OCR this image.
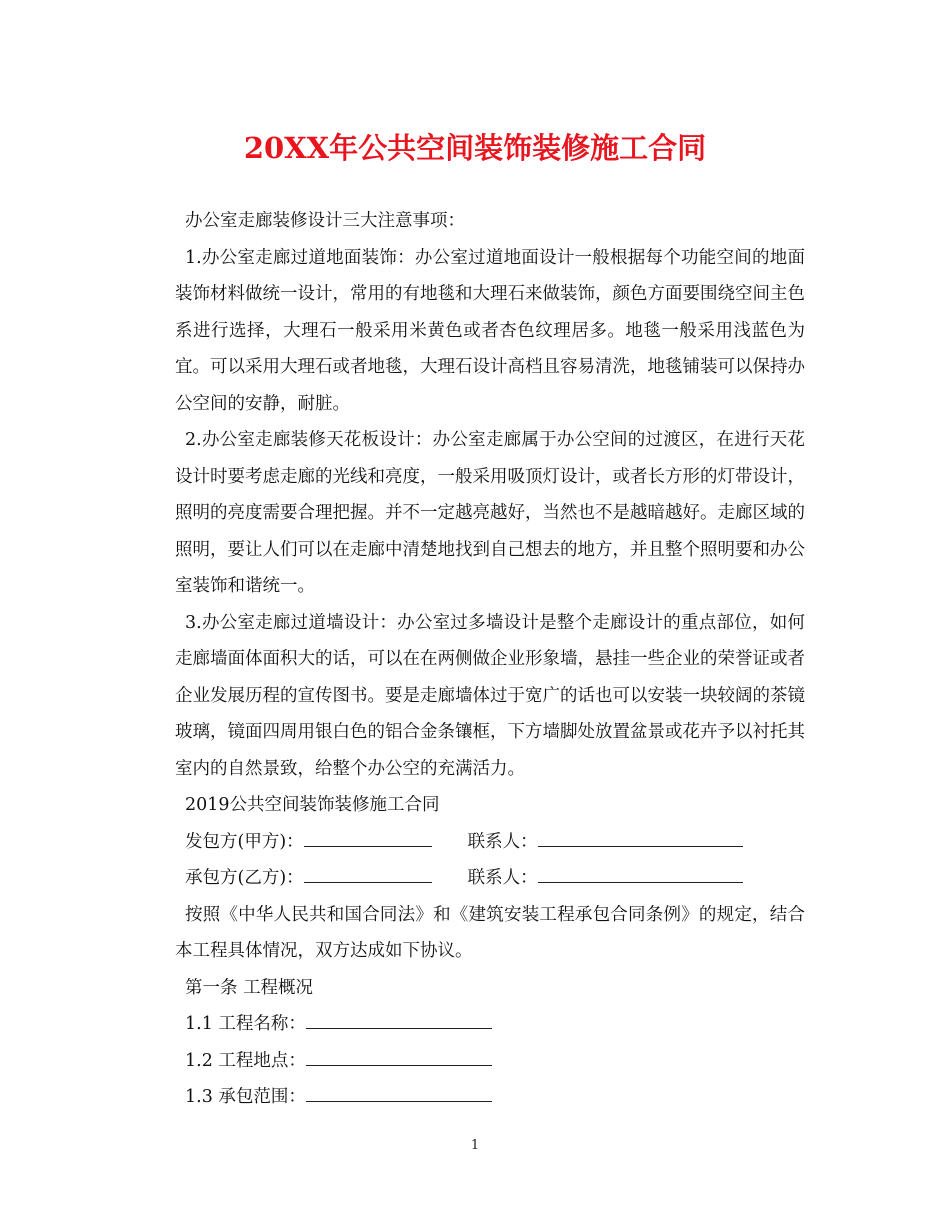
20XX年公共空间装饰装修施工合同

办公室走廊装修设计三大注意事项：

1.办公室走廊过道地面装饰：办公室过道地面设计一般根据每个功能空间的地面装饰材料做统一设计，常用的有地毯和大理石来做装饰，颜色方面要围绕空间主色系进行选择，大理石一般采用米黄色或者杏色纹理居多。地毯一般采用浅蓝色为宜。可以采用大理石或者地毯，大理石设计高档且容易清洗，地毯铺装可以保持办公空间的安静，耐脏。

2.办公室走廊装修天花板设计：办公室走廊属于办公空间的过渡区，在进行天花设计时要考虑走廊的光线和亮度，一般采用吸顶灯设计，或者长方形的灯带设计，照明的亮度需要合理把握。并不一定越亮越好，当然也不是越暗越好。走廊区域的照明，要让人们可以在走廊中清楚地找到自己想去的地方，并且整个照明要和办公室装饰和谐统一。

3.办公室走廊过道墙设计：办公室过多墙设计是整个走廊设计的重点部位，如何走廊墙面体面积大的话，可以在在两侧做企业形象墙，悬挂一些企业的荣誉证或者企业发展历程的宣传图书。要是走廊墙体过于宽广的话也可以安装一块较阔的茶镜玻璃，镜面四周用银白色的铝合金条镶框，下方墙脚处放置盆景或花卉予以衬托其室内的自然景致，给整个办公空的充满活力。

2019公共空间装饰装修施工合同

发包方(甲方)：	联系人：

承包方(乙方)：	联系人：

按照《中华人民共和国合同法》和《建筑安装工程承包合同条例》的规定，结合本工程具体情况，双方达成如下协议。

第一条 工程概况

1.1 工程名称：

1.2 工程地点：

1.3 承包范围：

1
